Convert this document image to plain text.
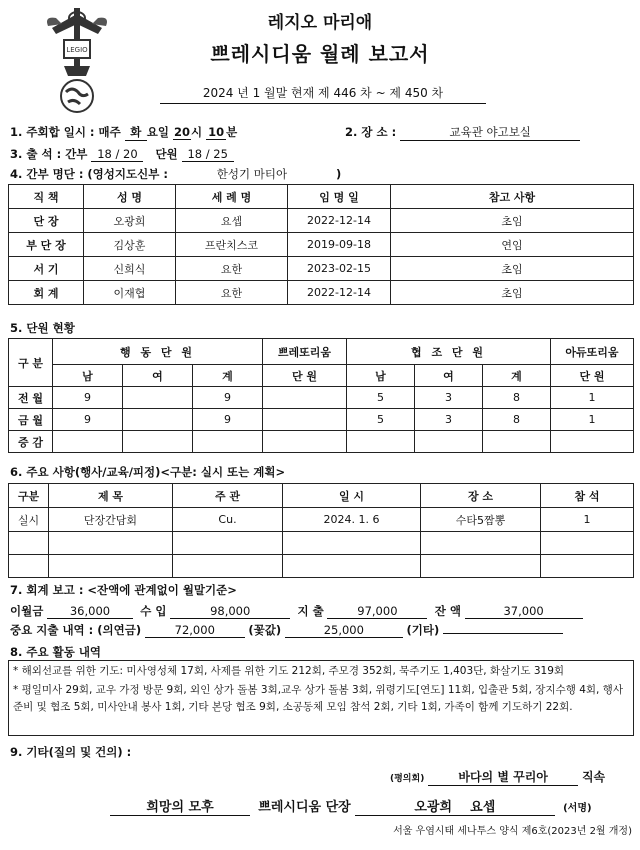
LEGIO
레지오 마리애
쁘레시디움 월례 보고서
2024 년 1 월말 현재 제 446 차 ~ 제 450 차
1. 주회합 일시 : 매주 화 요일 20시 10 분	2. 장 소 :	교육관 야고보실
3. 출 석 : 간부 18 / 20 단원 18 / 25
4. 간부 명단 : (영성지도신부 :	한성기 마티아	)
직 책	성 명	세 례 명	임 명 일	참고 사항
단 장	오광희	요셉	2022-12-14	초임
부 단 장	김상훈	프란치스코	2019-09-18	연임
서 기	신희식	요한	2023-02-15	초임
회 계	이재협	요한	2022-12-14	초임
5. 단원 현황
구 분	행 동 단 원			쁘레또리움	협 조 단 원			아듀또리움
	남	여	계	단 원	남	여	계	단 원
전 월	9		9		5	3	8	1
금 월	9		9		5	3	8	1
증 감								
6. 주요 사항(행사/교육/피정)<구분: 실시 또는 계획>
구분	제 목	주 관	일 시	장 소	참 석
실시	단장간담회	Cu.	2024. 1. 6	수타5짬뽕	1

7. 회계 보고 : <잔액에 관계없이 월말기준>
이월금 36,000	수 입	98,000	지 출	97,000	잔 액	37,000
중요 지출 내역 : (의연금)	72,000	(꽃값)	25,000	(기타)
8. 주요 활동 내역
* 해외선교를 위한 기도: 미사영성체 17회, 사제를 위한 기도 212회, 주모경 352회, 묵주기도 1,403단, 화살기도 319회
* 평일미사 29회, 교우 가정 방문 9회, 외인 상가 돌봄 3회,교우 상가 돌봄 3회, 위령기도[연도] 11회, 입출관 5회, 장지수행 4회, 행사준비 및 협조 5회, 미사안내 봉사 1회, 기타 본당 협조 9회, 소공동체 모임 참석 2회, 기타 1회, 가족이 함께 기도하기 22회.
9. 기타(질의 및 건의) :
(평의회)	바다의 별 꾸리아	직속
희망의 모후	쁘레시디움 단장	오광희 요셉	(서명)
서울 우염시태 세나투스 양식 제6호(2023년 2월 개정)
